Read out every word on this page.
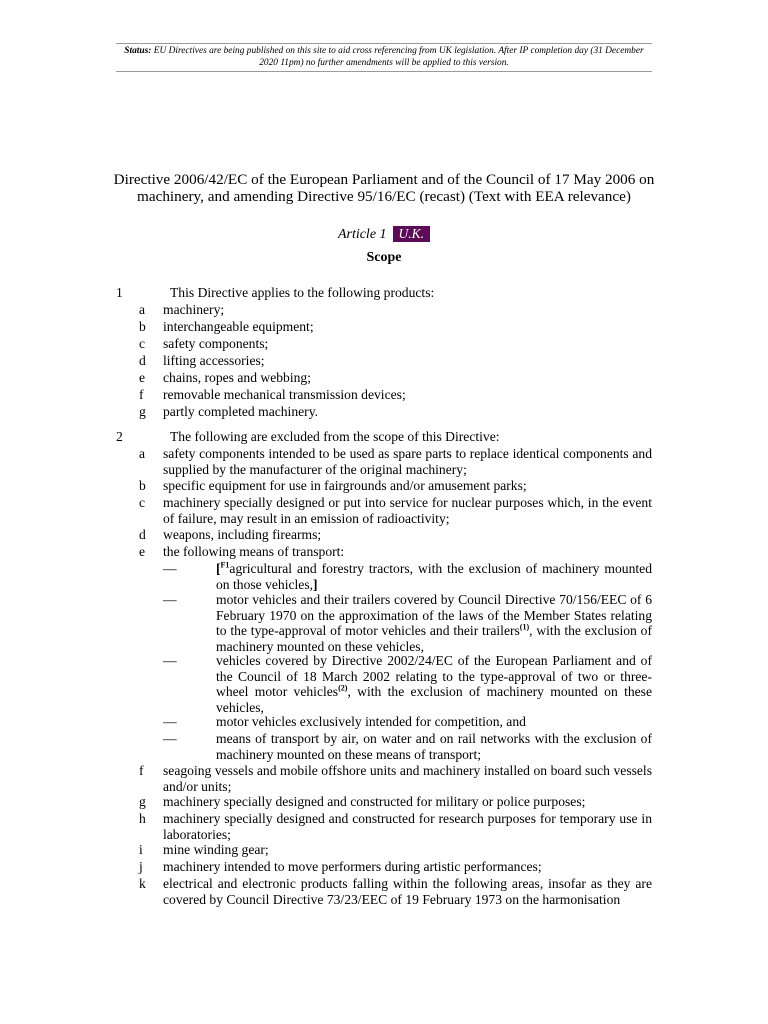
Status: EU Directives are being published on this site to aid cross referencing from UK legislation. After IP completion day (31 December 2020 11pm) no further amendments will be applied to this version.
Directive 2006/42/EC of the European Parliament and of the Council of 17 May 2006 on machinery, and amending Directive 95/16/EC (recast) (Text with EEA relevance)
Article 1 U.K.
Scope
1	This Directive applies to the following products:
a	machinery;
b	interchangeable equipment;
c	safety components;
d	lifting accessories;
e	chains, ropes and webbing;
f	removable mechanical transmission devices;
g	partly completed machinery.
2	The following are excluded from the scope of this Directive:
a	safety components intended to be used as spare parts to replace identical components and supplied by the manufacturer of the original machinery;
b	specific equipment for use in fairgrounds and/or amusement parks;
c	machinery specially designed or put into service for nuclear purposes which, in the event of failure, may result in an emission of radioactivity;
d	weapons, including firearms;
e	the following means of transport:
—	[$^{F1}$agricultural and forestry tractors, with the exclusion of machinery mounted on those vehicles,]
—	motor vehicles and their trailers covered by Council Directive 70/156/EEC of 6 February 1970 on the approximation of the laws of the Member States relating to the type-approval of motor vehicles and their trailers$^{(1)}$, with the exclusion of machinery mounted on these vehicles,
—	vehicles covered by Directive 2002/24/EC of the European Parliament and of the Council of 18 March 2002 relating to the type-approval of two or three-wheel motor vehicles$^{(2)}$, with the exclusion of machinery mounted on these vehicles,
—	motor vehicles exclusively intended for competition, and
—	means of transport by air, on water and on rail networks with the exclusion of machinery mounted on these means of transport;
f	seagoing vessels and mobile offshore units and machinery installed on board such vessels and/or units;
g	machinery specially designed and constructed for military or police purposes;
h	machinery specially designed and constructed for research purposes for temporary use in laboratories;
i	mine winding gear;
j	machinery intended to move performers during artistic performances;
k	electrical and electronic products falling within the following areas, insofar as they are covered by Council Directive 73/23/EEC of 19 February 1973 on the harmonisation
